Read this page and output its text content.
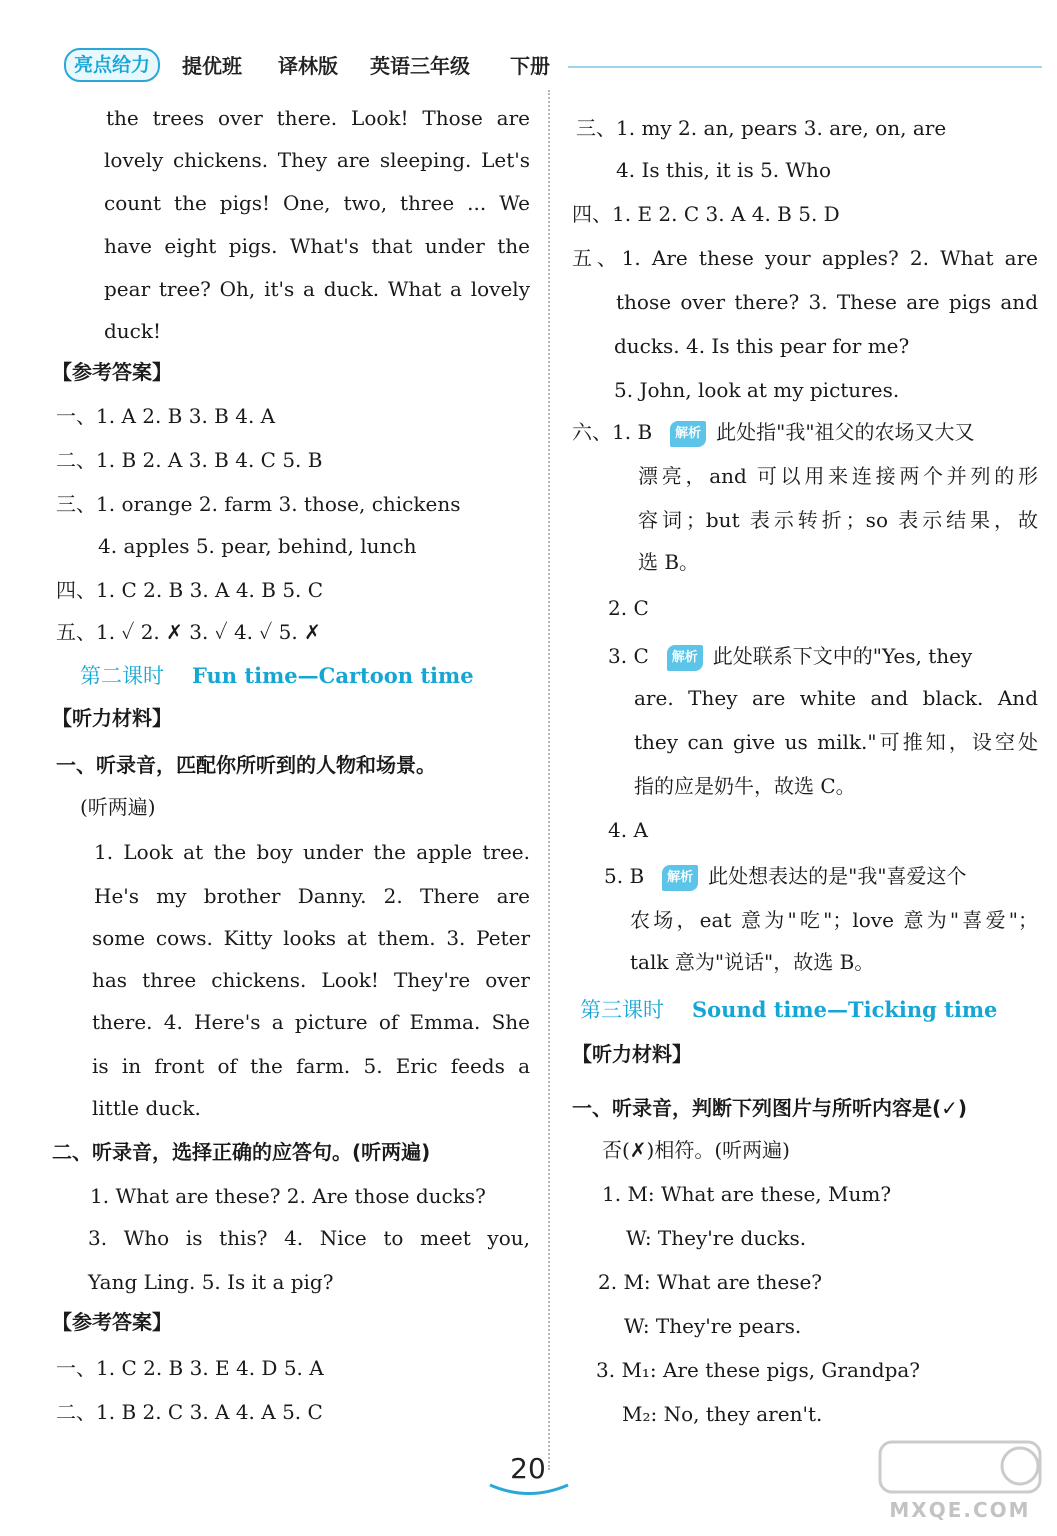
亮点给力	提优班 译林版 英语三年级 下册
the trees over there. Look! Those are
lovely chickens. They are sleeping. Let's
count the pigs! One, two, three ... We
have eight pigs. What's that under the
pear tree? Oh, it's a duck. What a lovely
duck!
【参考答案】
一、1. A 2. B 3. B 4. A
二、1. B 2. A 3. B 4. C 5. B
三、1. orange 2. farm 3. those, chickens
4. apples 5. pear, behind, lunch
四、1. C 2. B 3. A 4. B 5. C
五、1. ✓ 2. ✗ 3. ✓ 4. ✓ 5. ✗
【听力材料】
一、听录音，匹配你所听到的人物和场景。
(听两遍)
1. Look at the boy under the apple tree.
He's my brother Danny. 2. There are
some cows. Kitty looks at them. 3. Peter
has three chickens. Look! They're over
there. 4. Here's a picture of Emma. She
is in front of the farm. 5. Eric feeds a
little duck.
二、听录音，选择正确的应答句。(听两遍)
1. What are these? 2. Are those ducks?
3. Who is this? 4. Nice to meet you,
Yang Ling. 5. Is it a pig?
【参考答案】
一、1. C 2. B 3. E 4. D 5. A
二、1. B 2. C 3. A 4. A 5. C
第二课时 Fun time—Cartoon time
三、1. my 2. an, pears 3. are, on, are
4. Is this, it is 5. Who
四、1. E 2. C 3. A 4. B 5. D
五、1. Are these your apples? 2. What are
those over there? 3. These are pigs and
ducks. 4. Is this pear for me?
5. John, look at my pictures.
漂亮，and 可以用来连接两个并列的形
容词；but 表示转折；so 表示结果，故
选 B。
2. C
are. They are white and black. And
they can give us milk."可推知，设空处
指的应是奶牛，故选 C。
4. A
农场，eat 意为"吃"；love 意为"喜爱"；
talk 意为"说话"，故选 B。
【听力材料】
一、听录音，判断下列图片与所听内容是(✓)
否(✗)相符。(听两遍)
1. M: What are these, Mum?
W: They're ducks.
2. M: What are these?
W: They're pears.
3. M₁: Are these pigs, Grandpa?
M₂: No, they aren't.
第三课时 Sound time—Ticking time
六、1. B 解析 此处指"我"祖父的农场又大又
3. C 解析 此处联系下文中的"Yes, they
5. B 解析 此处想表达的是"我"喜爱这个
20
MXQE.COM
